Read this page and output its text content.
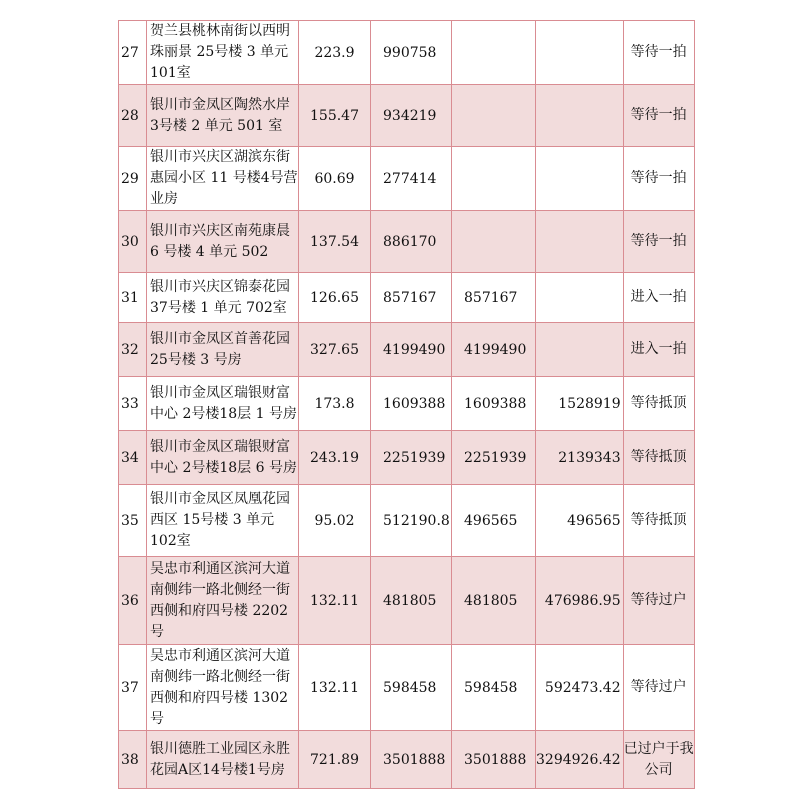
27	贺兰县桃林南街以西明珠丽景 25号楼 3 单元 101室	223.9	990758			等待一拍
28	银川市金凤区陶然水岸 3号楼 2 单元 501 室	155.47	934219			等待一拍
29	银川市兴庆区湖滨东街惠园小区 11 号楼4号营业房	60.69	277414			等待一拍
30	银川市兴庆区南苑康晨 6 号楼 4 单元 502	137.54	886170			等待一拍
31	银川市兴庆区锦泰花园 37号楼 1 单元 702室	126.65	857167	857167		进入一拍
32	银川市金凤区首善花园 25号楼 3 号房	327.65	4199490	4199490		进入一拍
33	银川市金凤区瑞银财富中心 2号楼18层 1 号房	173.8	1609388	1609388	1528919	等待抵顶
34	银川市金凤区瑞银财富中心 2号楼18层 6 号房	243.19	2251939	2251939	2139343	等待抵顶
35	银川市金凤区凤凰花园西区 15号楼 3 单元 102室	95.02	512190.8	496565	496565	等待抵顶
36	吴忠市利通区滨河大道南侧纬一路北侧经一街西侧和府四号楼 2202号	132.11	481805	481805	476986.95	等待过户
37	吴忠市利通区滨河大道南侧纬一路北侧经一街西侧和府四号楼 1302号	132.11	598458	598458	592473.42	等待过户
38	银川德胜工业园区永胜花园A区14号楼1号房	721.89	3501888	3501888	3294926.42	已过户于我公司
